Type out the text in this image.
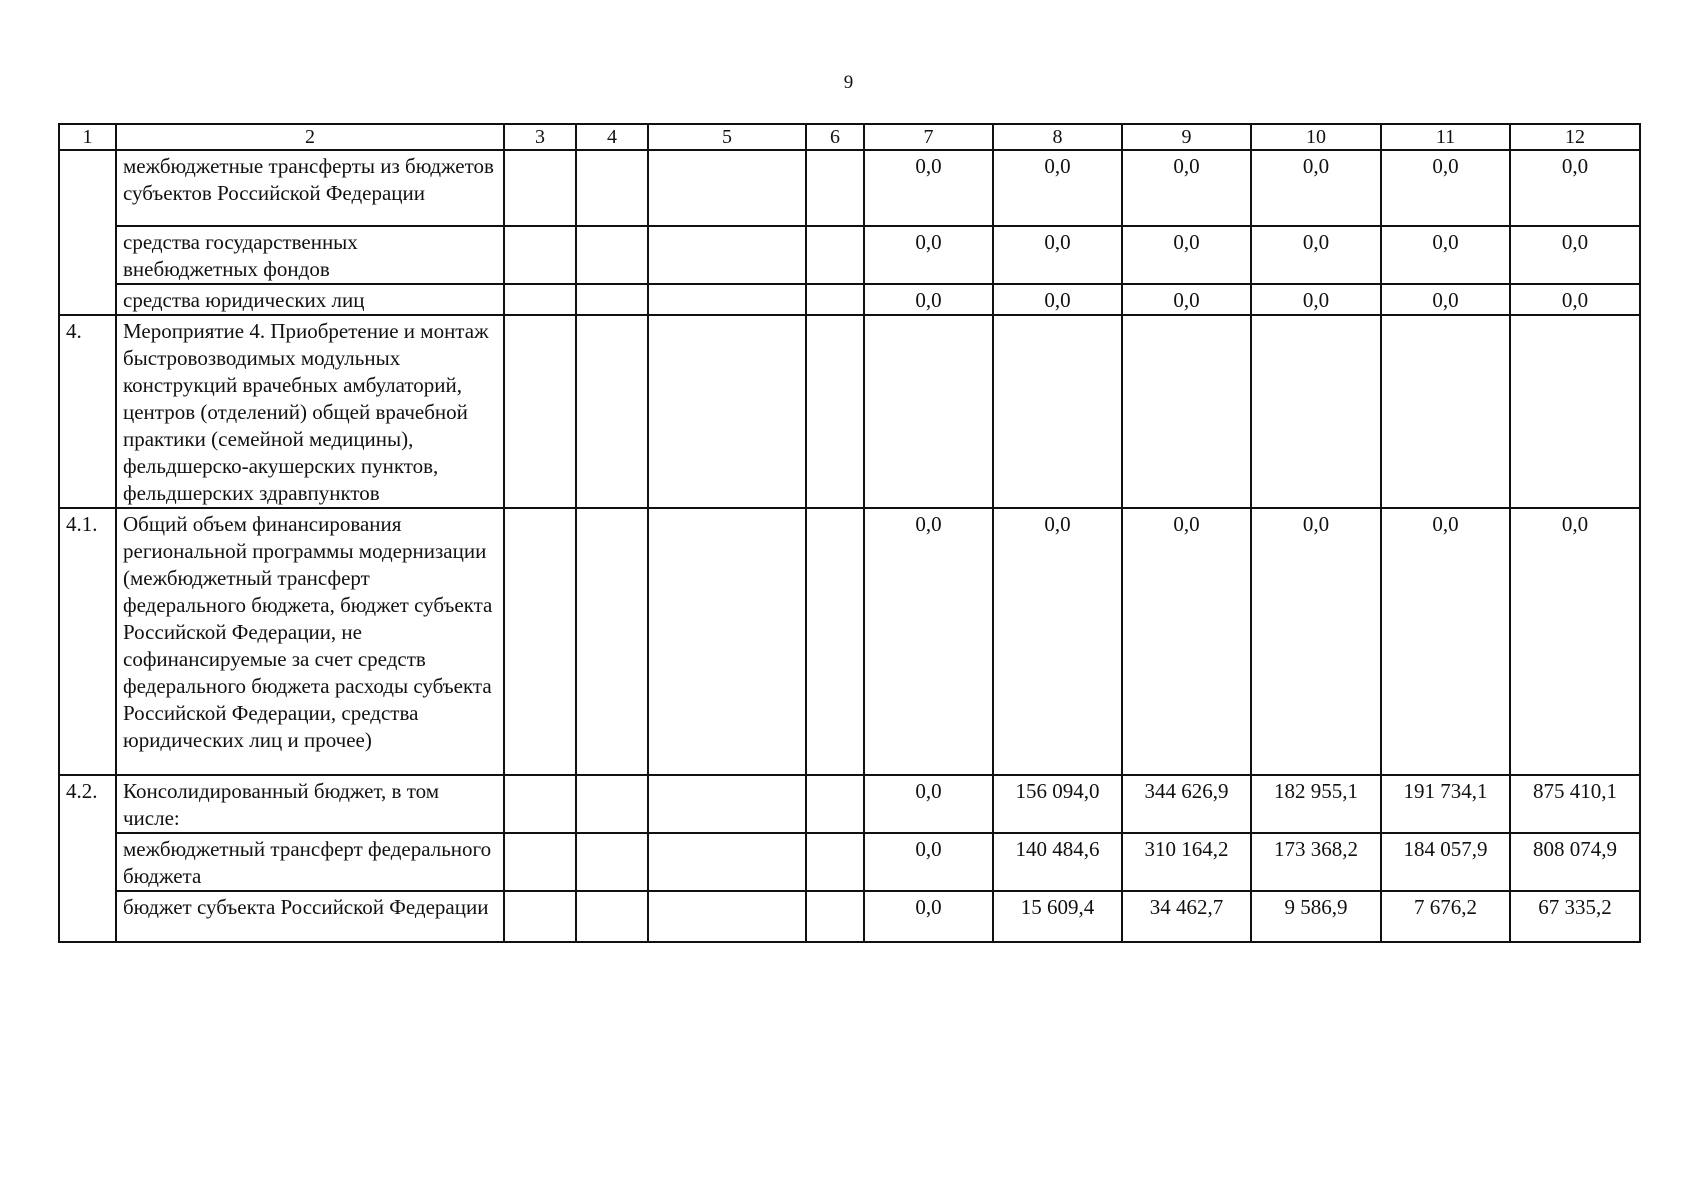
9
1	2	3	4	5	6	7	8	9	10	11	12
	межбюджетные трансферты из бюджетов субъектов Российской Федерации					0,0	0,0	0,0	0,0	0,0	0,0
	средства государственных внебюджетных фондов					0,0	0,0	0,0	0,0	0,0	0,0
	средства юридических лиц					0,0	0,0	0,0	0,0	0,0	0,0
4.	Мероприятие 4. Приобретение и монтаж быстровозводимых модульных конструкций врачебных амбулаторий, центров (отделений) общей врачебной практики (семейной медицины), фельдшерско-акушерских пунктов, фельдшерских здравпунктов										
4.1.	Общий объем финансирования региональной программы модернизации (межбюджетный трансферт федерального бюджета, бюджет субъекта Российской Федерации, не софинансируемые за счет средств федерального бюджета расходы субъекта Российской Федерации, средства юридических лиц и прочее)					0,0	0,0	0,0	0,0	0,0	0,0
4.2.	Консолидированный бюджет, в том числе:					0,0	156 094,0	344 626,9	182 955,1	191 734,1	875 410,1
	межбюджетный трансферт федерального бюджета					0,0	140 484,6	310 164,2	173 368,2	184 057,9	808 074,9
	бюджет субъекта Российской Федерации					0,0	15 609,4	34 462,7	9 586,9	7 676,2	67 335,2
